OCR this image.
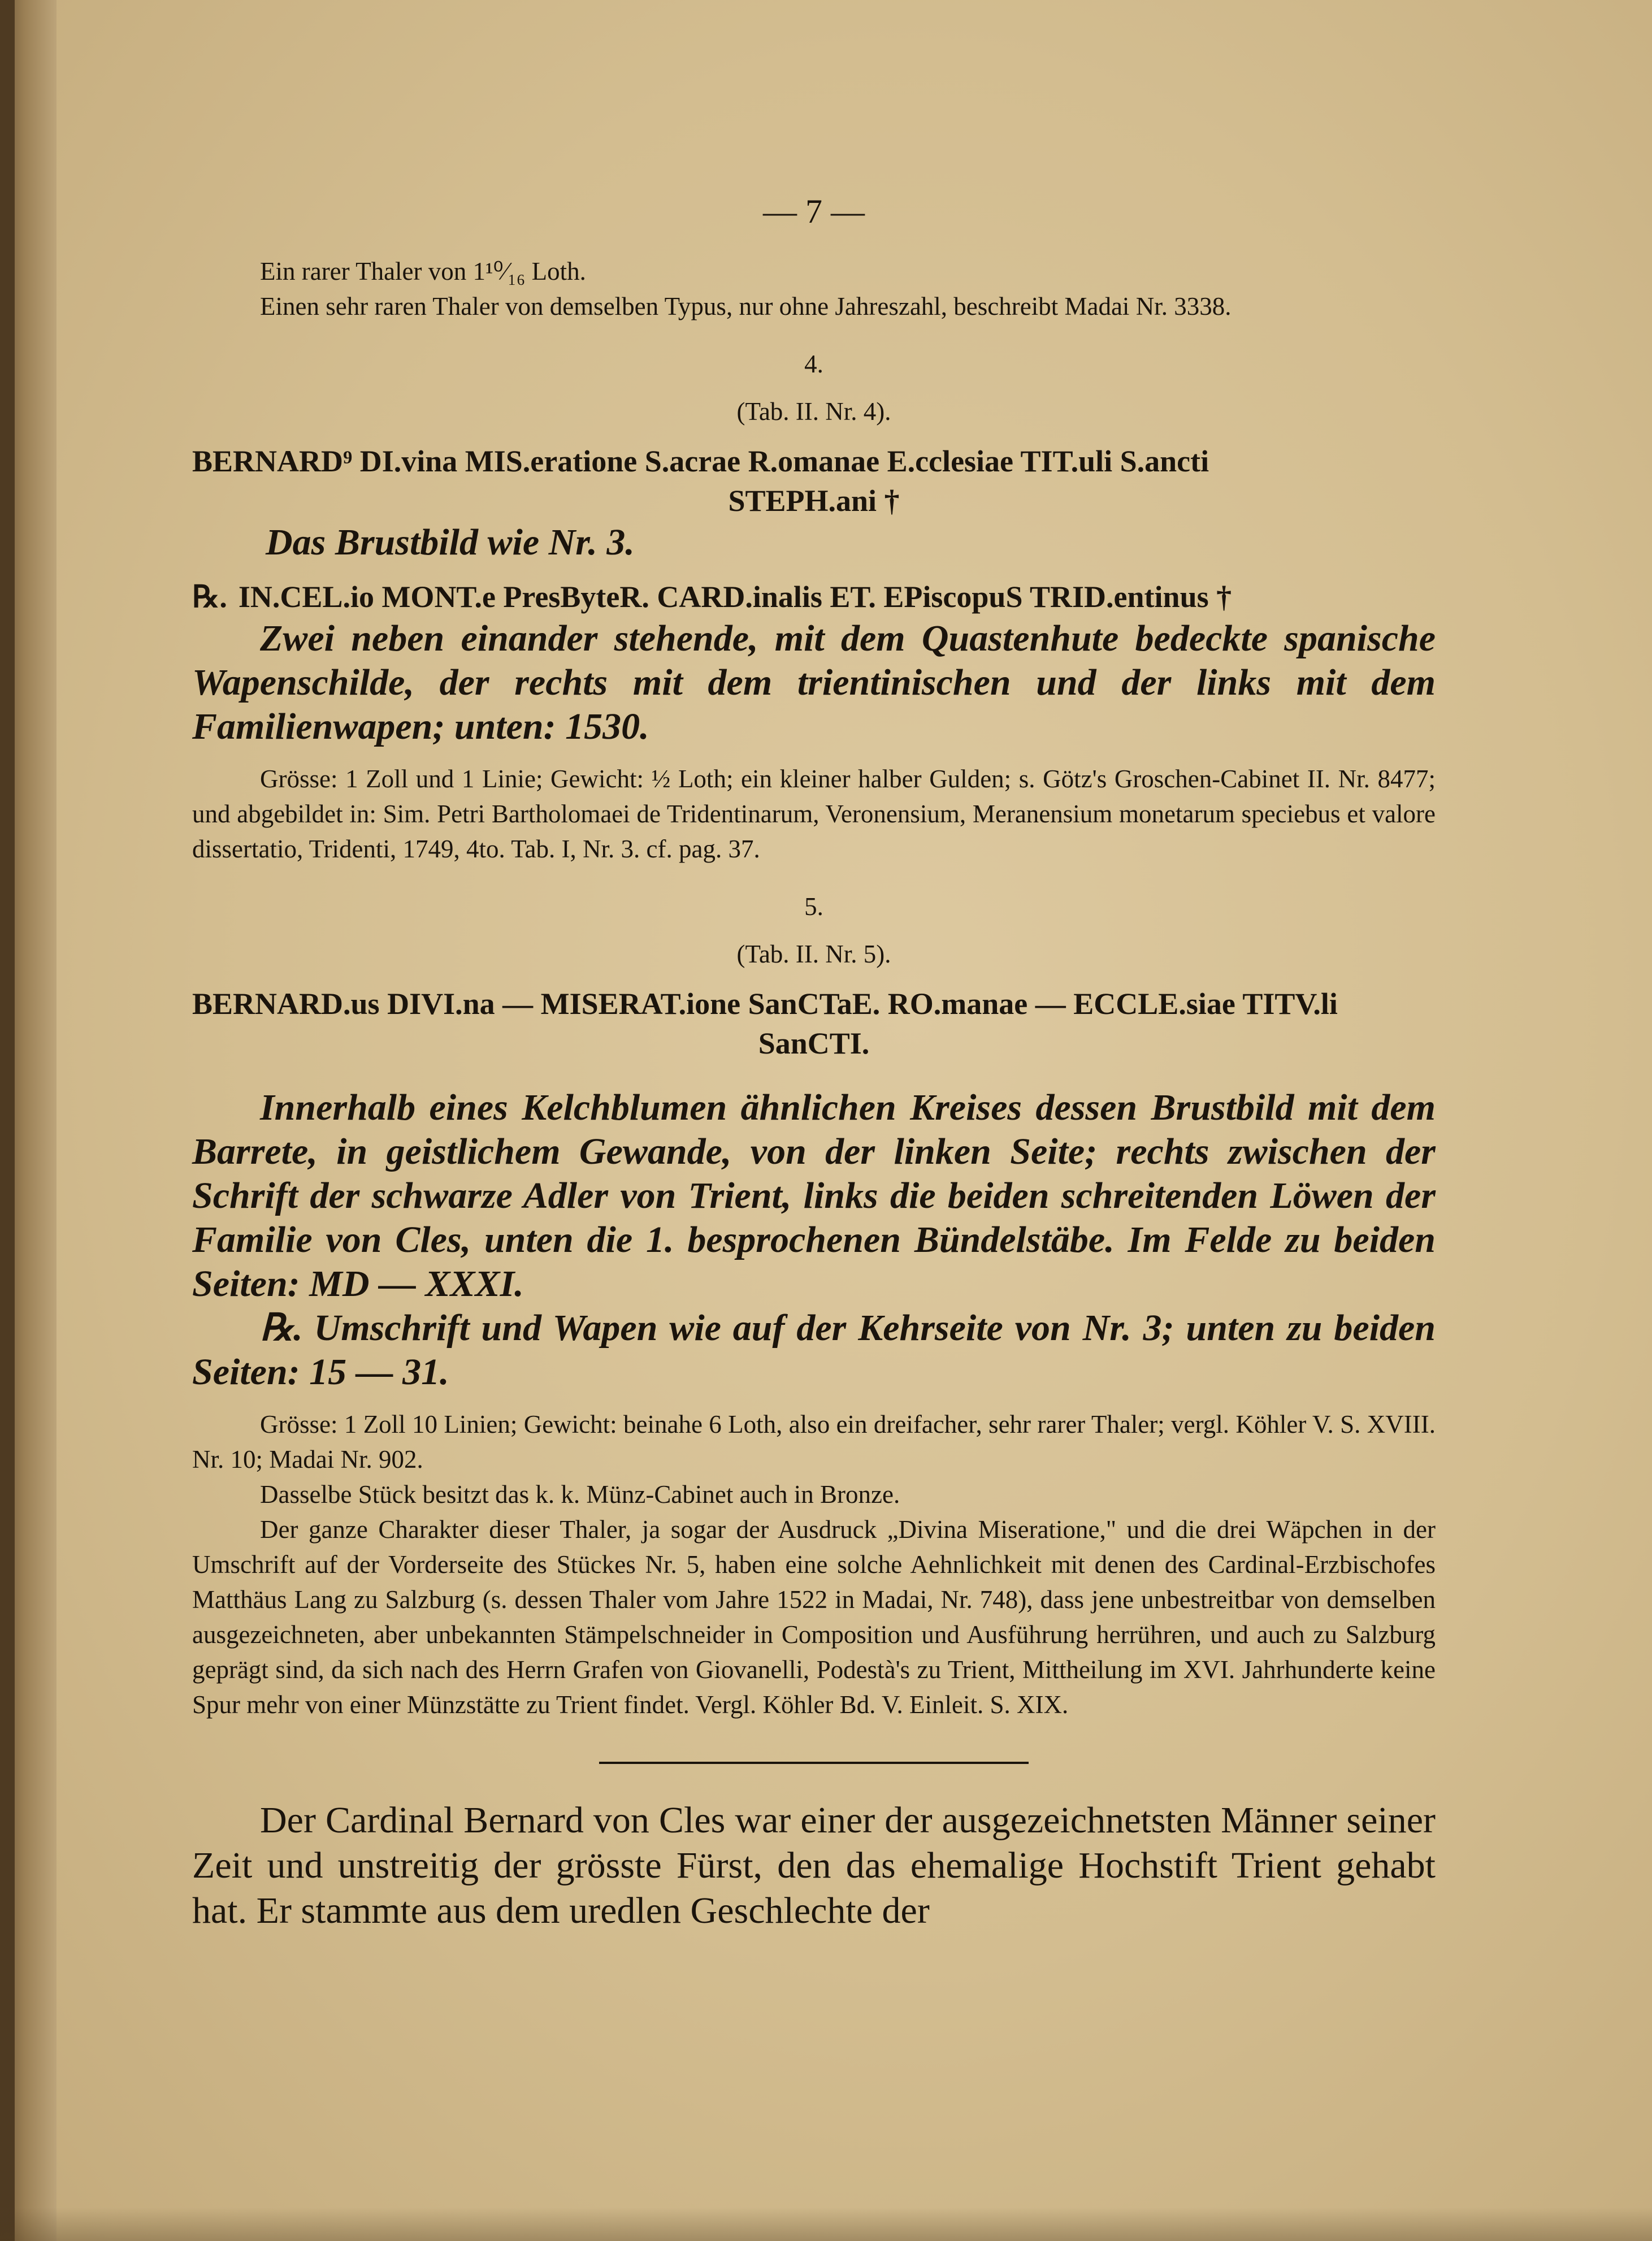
— 7 —

Ein rarer Thaler von 1¹⁰⁄₁₆ Loth.

Einen sehr raren Thaler von demselben Typus, nur ohne Jahreszahl, beschreibt Madai Nr. 3338.

4.

(Tab. II. Nr. 4).

BERNARD⁹ DI.vina MIS.eratione S.acrae R.omanae E.cclesiae TIT.uli S.ancti

STEPH.ani †

Das Brustbild wie Nr. 3.

℞. IN.CEL.io MONT.e PresByteR. CARD.inalis ET. EPiscopuS TRID.entinus †

Zwei neben einander stehende, mit dem Quastenhute bedeckte spanische Wapenschilde, der rechts mit dem trientinischen und der links mit dem Familienwapen; unten: 1530.

Grösse: 1 Zoll und 1 Linie; Gewicht: ½ Loth; ein kleiner halber Gulden; s. Götz's Groschen-Cabinet II. Nr. 8477; und abgebildet in: Sim. Petri Bartholomaei de Tridentinarum, Veronensium, Meranensium monetarum speciebus et valore dissertatio, Tridenti, 1749, 4to. Tab. I, Nr. 3. cf. pag. 37.

5.

(Tab. II. Nr. 5).

BERNARD.us DIVI.na — MISERAT.ione SanCTaE. RO.manae — ECCLE.siae TITV.li

SanCTI.

Innerhalb eines Kelchblumen ähnlichen Kreises dessen Brustbild mit dem Barrete, in geistlichem Gewande, von der linken Seite; rechts zwischen der Schrift der schwarze Adler von Trient, links die beiden schreitenden Löwen der Familie von Cles, unten die 1. besprochenen Bündelstäbe. Im Felde zu beiden Seiten: MD — XXXI.

℞. Umschrift und Wapen wie auf der Kehrseite von Nr. 3; unten zu beiden Seiten: 15 — 31.

Grösse: 1 Zoll 10 Linien; Gewicht: beinahe 6 Loth, also ein dreifacher, sehr rarer Thaler; vergl. Köhler V. S. XVIII. Nr. 10; Madai Nr. 902.

Dasselbe Stück besitzt das k. k. Münz-Cabinet auch in Bronze.

Der ganze Charakter dieser Thaler, ja sogar der Ausdruck „Divina Miseratione," und die drei Wäpchen in der Umschrift auf der Vorderseite des Stückes Nr. 5, haben eine solche Aehnlichkeit mit denen des Cardinal-Erzbischofes Matthäus Lang zu Salzburg (s. dessen Thaler vom Jahre 1522 in Madai, Nr. 748), dass jene unbestreitbar von demselben ausgezeichneten, aber unbekannten Stämpelschneider in Composition und Ausführung herrühren, und auch zu Salzburg geprägt sind, da sich nach des Herrn Grafen von Giovanelli, Podestà's zu Trient, Mittheilung im XVI. Jahrhunderte keine Spur mehr von einer Münzstätte zu Trient findet. Vergl. Köhler Bd. V. Einleit. S. XIX.

Der Cardinal Bernard von Cles war einer der ausgezeichnetsten Männer seiner Zeit und unstreitig der grösste Fürst, den das ehemalige Hochstift Trient gehabt hat. Er stammte aus dem uredlen Geschlechte der
